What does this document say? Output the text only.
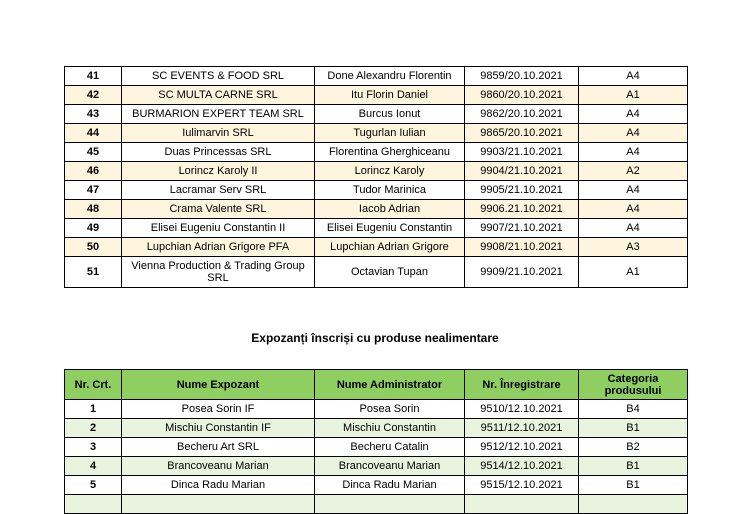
41	SC EVENTS & FOOD SRL	Done Alexandru Florentin	9859/20.10.2021	A4
42	SC MULTA CARNE SRL	Itu Florin Daniel	9860/20.10.2021	A1
43	BURMARION EXPERT TEAM SRL	Burcus Ionut	9862/20.10.2021	A4
44	Iulimarvin SRL	Tugurlan Iulian	9865/20.10.2021	A4
45	Duas Princessas SRL	Florentina Gherghiceanu	9903/21.10.2021	A4
46	Lorincz Karoly II	Lorincz Karoly	9904/21.10.2021	A2
47	Lacramar Serv SRL	Tudor Marinica	9905/21.10.2021	A4
48	Crama Valente SRL	Iacob Adrian	9906.21.10.2021	A4
49	Elisei Eugeniu Constantin II	Elisei Eugeniu Constantin	9907/21.10.2021	A4
50	Lupchian Adrian Grigore PFA	Lupchian Adrian Grigore	9908/21.10.2021	A3
51	Vienna Production & Trading Group SRL	Octavian Tupan	9909/21.10.2021	A1
Expozanți înscriși cu produse nealimentare
Nr. Crt.	Nume Expozant	Nume Administrator	Nr. Înregistrare	Categoria produsului
1	Posea Sorin IF	Posea Sorin	9510/12.10.2021	B4
2	Mischiu Constantin IF	Mischiu Constantin	9511/12.10.2021	B1
3	Becheru Art SRL	Becheru Catalin	9512/12.10.2021	B2
4	Brancoveanu Marian	Brancoveanu Marian	9514/12.10.2021	B1
5	Dinca Radu Marian	Dinca Radu Marian	9515/12.10.2021	B1
